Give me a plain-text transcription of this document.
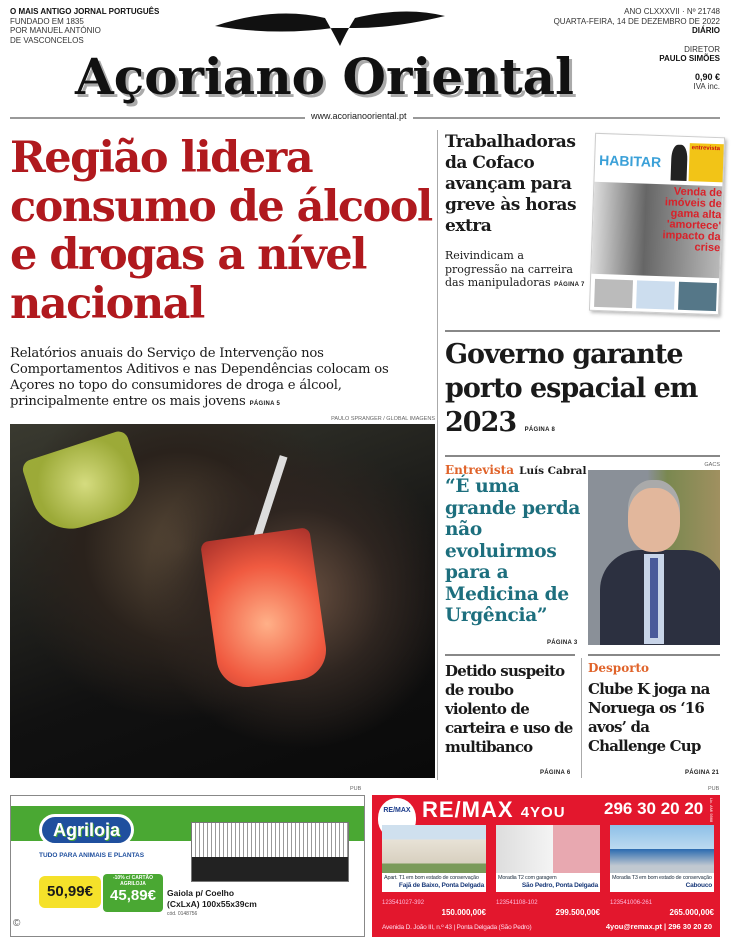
O MAIS ANTIGO JORNAL PORTUGUÊS
FUNDADO EM 1835
POR MANUEL ANTÓNIO
DE VASCONCELOS
Açoriano Oriental
ANO CLXXXVII · Nº 21748
QUARTA-FEIRA, 14 DE DEZEMBRO DE 2022
DIÁRIO
DIRETOR
PAULO SIMÕES
0,90 €
IVA inc.
www.acorianooriental.pt
Região lidera consumo de álcool e drogas a nível nacional
Relatórios anuais do Serviço de Intervenção nos Comportamentos Aditivos e nas Dependências colocam os Açores no topo do consumidores de droga e álcool, principalmente entre os mais jovens PÁGINA 5
PAULO SPRANGER / GLOBAL IMAGENS
Trabalhadoras da Cofaco avançam para greve às horas extra
Reivindicam a progressão na carreira das manipuladoras PÁGINA 7
HABITAR
entrevista
Venda de imóveis de gama alta 'amortece' impacto da crise
Governo garante porto espacial em 2023 PÁGINA 8
Entrevista Luís Cabral	GACS
“É uma grande perda não evoluirmos para a Medicina de Urgência”
PÁGINA 3
Detido suspeito de roubo violento de carteira e uso de multibanco
PÁGINA 6
Desporto
Clube K joga na Noruega os ‘16 avos’ da Challenge Cup
PÁGINA 21
PUB	PUB
Agriloja
TUDO PARA ANIMAIS E PLANTAS
50,99€
-10% c/ CARTÃO AGRILOJA
45,89€	Gaiola p/ Coelho
(CxLxA) 100x55x39cm
cód. 0148756
©
RE/MAX RE/MAX 4YOU 296 30 20 20 Lic. AMI 9568
Apart. T1 em bom estado de conservação
Fajã de Baixo, Ponta Delgada
123541027-392
150.000,00€
Moradia T2 com garagem
São Pedro, Ponta Delgada
123541108-102
299.500,00€
Moradia T3 em bom estado de conservação
Cabouco
123541006-261
265.000,00€
Avenida D. João III, n.º 43 | Ponta Delgada (São Pedro)	4you@remax.pt | 296 30 20 20
